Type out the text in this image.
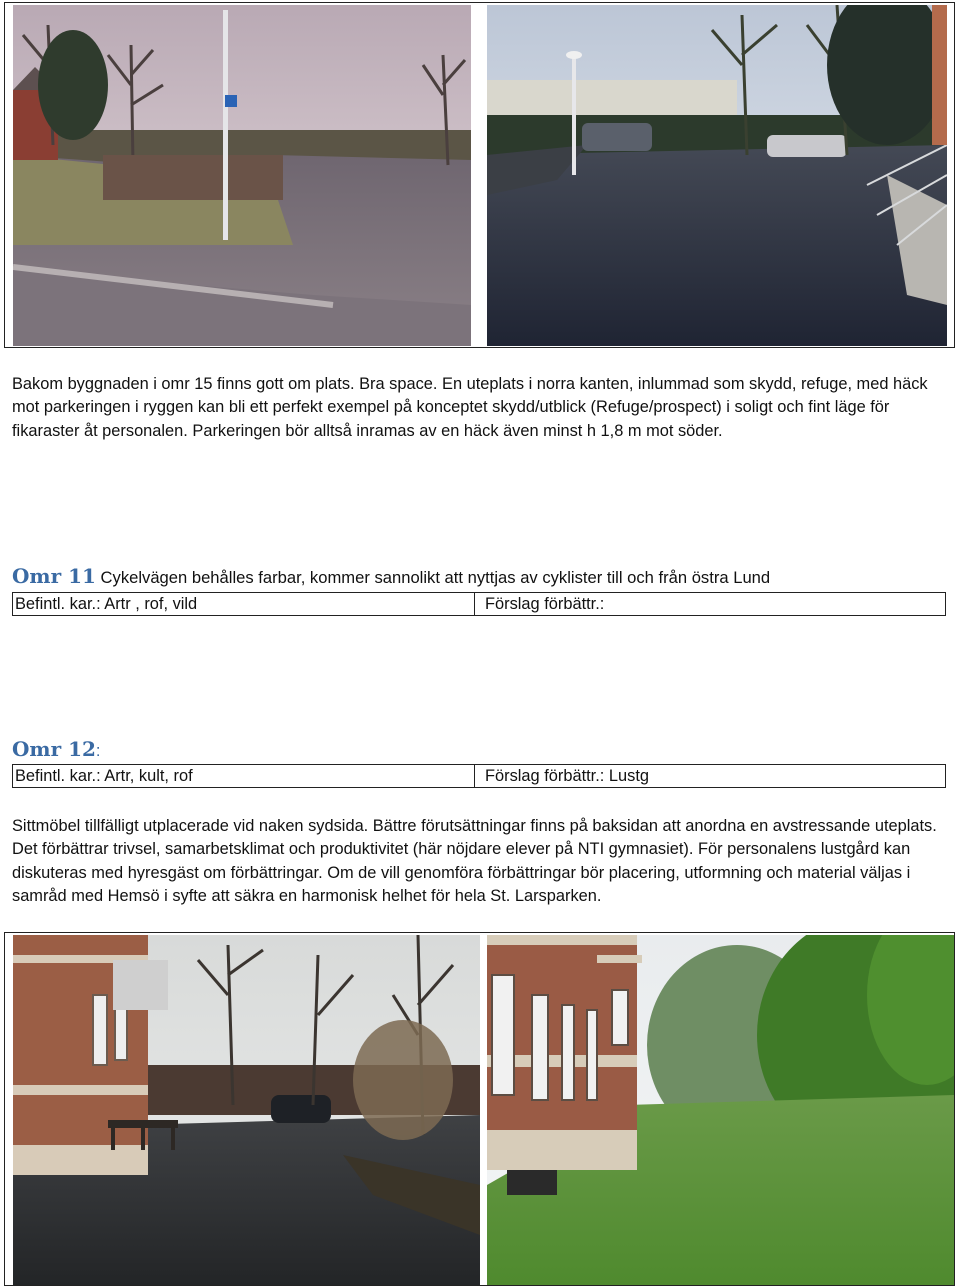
Bakom byggnaden i omr 15 finns gott om plats. Bra space. En uteplats i norra kanten, inlummad som skydd, refuge, med häck mot parkeringen i ryggen kan bli ett perfekt exempel på konceptet skydd/utblick (Refuge/prospect) i soligt och fint läge för fikaraster åt personalen. Parkeringen bör alltså inramas av en häck även minst h 1,8 m mot söder.

Omr 11 Cykelvägen behålles farbar, kommer sannolikt att nyttjas av cyklister till och från östra Lund
Befintl. kar.: Artr , rof, vild	Förslag förbättr.:
Omr 12:
Befintl. kar.: Artr, kult, rof	Förslag förbättr.: Lustg

Sittmöbel tillfälligt utplacerade vid naken sydsida. Bättre förutsättningar finns på baksidan att anordna en avstressande uteplats. Det förbättrar trivsel, samarbetsklimat och produktivitet (här nöjdare elever på NTI gymnasiet). För personalens lustgård kan diskuteras med hyresgäst om förbättringar. Om de vill genomföra förbättringar bör placering, utformning och material väljas i samråd med Hemsö i syfte att säkra en harmonisk helhet för hela St. Larsparken.
